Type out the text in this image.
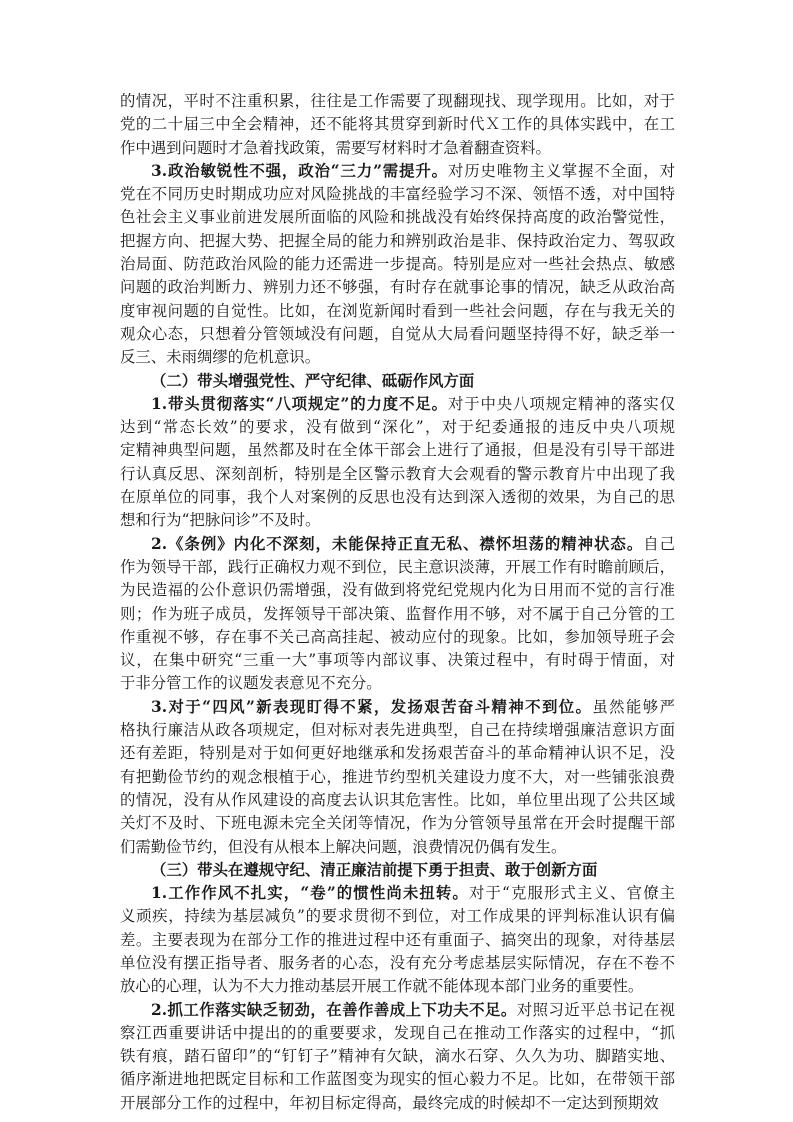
的情况，平时不注重积累，往往是工作需要了现翻现找、现学现用。比如，对于
党的二十届三中全会精神，还不能将其贯穿到新时代Ｘ工作的具体实践中，在工
作中遇到问题时才急着找政策，需要写材料时才急着翻查资料。
3.政治敏锐性不强，政治“三力”需提升。对历史唯物主义掌握不全面，对
党在不同历史时期成功应对风险挑战的丰富经验学习不深、领悟不透，对中国特
色社会主义事业前进发展所面临的风险和挑战没有始终保持高度的政治警觉性，
把握方向、把握大势、把握全局的能力和辨别政治是非、保持政治定力、驾驭政
治局面、防范政治风险的能力还需进一步提高。特别是应对一些社会热点、敏感
问题的政治判断力、辨别力还不够强，有时存在就事论事的情况，缺乏从政治高
度审视问题的自觉性。比如，在浏览新闻时看到一些社会问题，存在与我无关的
观众心态，只想着分管领域没有问题，自觉从大局看问题坚持得不好，缺乏举一
反三、未雨绸缪的危机意识。
（二）带头增强党性、严守纪律、砥砺作风方面
1.带头贯彻落实“八项规定”的力度不足。对于中央八项规定精神的落实仅
达到“常态长效”的要求，没有做到“深化”，对于纪委通报的违反中央八项规
定精神典型问题，虽然都及时在全体干部会上进行了通报，但是没有引导干部进
行认真反思、深刻剖析，特别是全区警示教育大会观看的警示教育片中出现了我
在原单位的同事，我个人对案例的反思也没有达到深入透彻的效果，为自己的思
想和行为“把脉问诊”不及时。
2.《条例》内化不深刻，未能保持正直无私、襟怀坦荡的精神状态。自己
作为领导干部，践行正确权力观不到位，民主意识淡薄，开展工作有时瞻前顾后，
为民造福的公仆意识仍需增强，没有做到将党纪党规内化为日用而不觉的言行准
则；作为班子成员，发挥领导干部决策、监督作用不够，对不属于自己分管的工
作重视不够，存在事不关己高高挂起、被动应付的现象。比如，参加领导班子会
议，在集中研究“三重一大”事项等内部议事、决策过程中，有时碍于情面，对
于非分管工作的议题发表意见不充分。
3.对于“四风”新表现盯得不紧，发扬艰苦奋斗精神不到位。虽然能够严
格执行廉洁从政各项规定，但对标对表先进典型，自己在持续增强廉洁意识方面
还有差距，特别是对于如何更好地继承和发扬艰苦奋斗的革命精神认识不足，没
有把勤俭节约的观念根植于心，推进节约型机关建设力度不大，对一些铺张浪费
的情况，没有从作风建设的高度去认识其危害性。比如，单位里出现了公共区域
关灯不及时、下班电源未完全关闭等情况，作为分管领导虽常在开会时提醒干部
们需勤俭节约，但没有从根本上解决问题，浪费情况仍偶有发生。
（三）带头在遵规守纪、清正廉洁前提下勇于担责、敢于创新方面
1.工作作风不扎实，“卷”的惯性尚未扭转。对于“克服形式主义、官僚主
义顽疾，持续为基层减负”的要求贯彻不到位，对工作成果的评判标准认识有偏
差。主要表现为在部分工作的推进过程中还有重面子、搞突出的现象，对待基层
单位没有摆正指导者、服务者的心态，没有充分考虑基层实际情况，存在不卷不
放心的心理，认为不大力推动基层开展工作就不能体现本部门业务的重要性。
2.抓工作落实缺乏韧劲，在善作善成上下功夫不足。对照习近平总书记在视
察江西重要讲话中提出的的重要要求，发现自己在推动工作落实的过程中，“抓
铁有痕，踏石留印”的“钉钉子”精神有欠缺，滴水石穿、久久为功、脚踏实地、
循序渐进地把既定目标和工作蓝图变为现实的恒心毅力不足。比如，在带领干部
开展部分工作的过程中，年初目标定得高，最终完成的时候却不一定达到预期效
